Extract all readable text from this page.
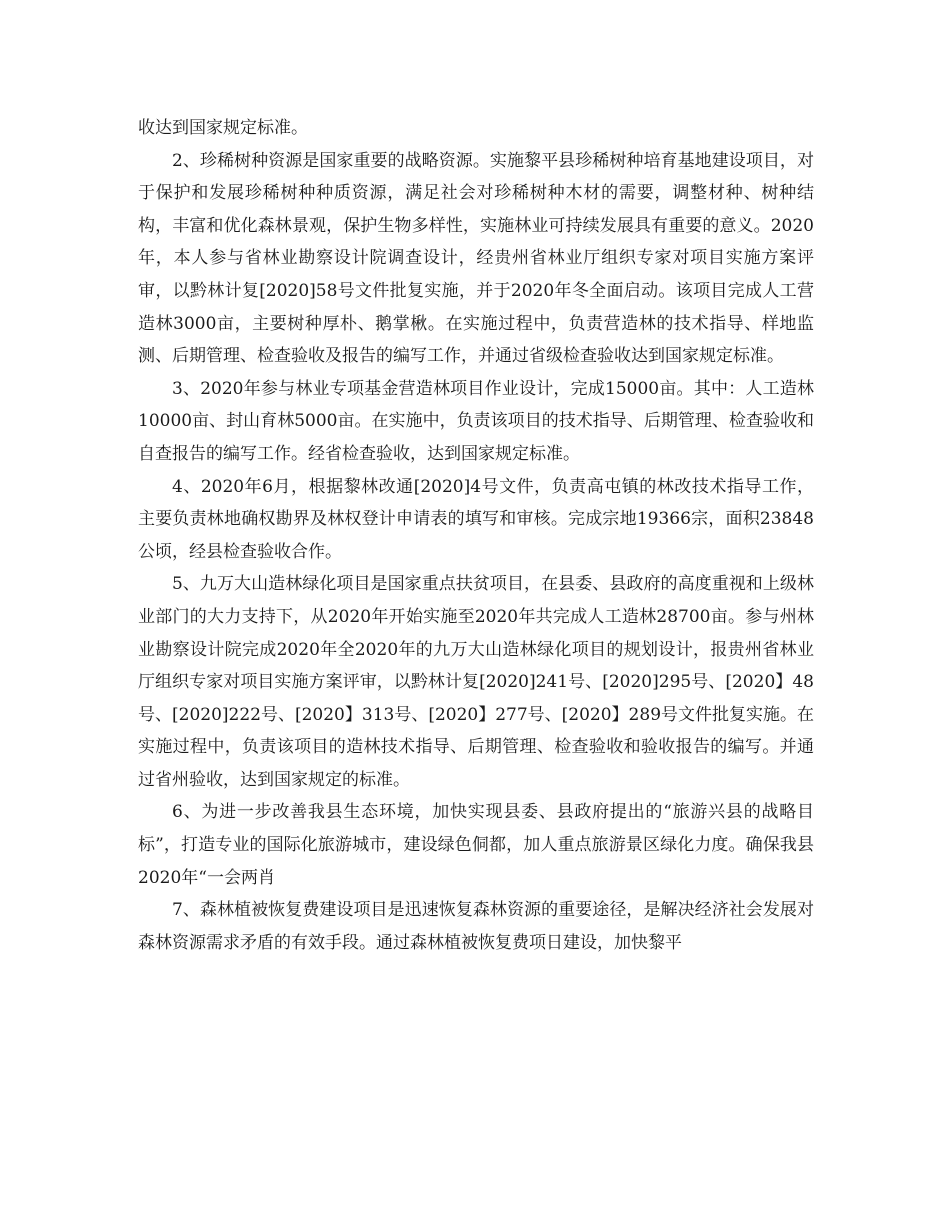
收达到国家规定标准。

2、珍稀树种资源是国家重要的战略资源。实施黎平县珍稀树种培育基地建设项目，对于保护和发展珍稀树种种质资源，满足社会对珍稀树种木材的需要，调整材种、树种结构，丰富和优化森林景观，保护生物多样性，实施林业可持续发展具有重要的意义。2020年，本人参与省林业勘察设计院调查设计，经贵州省林业厅组织专家对项目实施方案评审，以黔林计复[2020]58号文件批复实施，并于2020年冬全面启动。该项目完成人工营造林3000亩，主要树种厚朴、鹅掌楸。在实施过程中，负责营造林的技术指导、样地监测、后期管理、检查验收及报告的编写工作，并通过省级检查验收达到国家规定标准。

3、2020年参与林业专项基金营造林项目作业设计，完成15000亩。其中：人工造林10000亩、封山育林5000亩。在实施中，负责该项目的技术指导、后期管理、检查验收和自查报告的编写工作。经省检查验收，达到国家规定标准。

4、2020年6月，根据黎林改通[2020]4号文件，负责高屯镇的林改技术指导工作，主要负责林地确权勘界及林权登计申请表的填写和审核。完成宗地19366宗，面积23848公顷，经县检查验收合作。

5、九万大山造林绿化项目是国家重点扶贫项目，在县委、县政府的高度重视和上级林业部门的大力支持下，从2020年开始实施至2020年共完成人工造林28700亩。参与州林业勘察设计院完成2020年全2020年的九万大山造林绿化项目的规划设计，报贵州省林业厅组织专家对项目实施方案评审，以黔林计复[2020]241号、[2020]295号、[2020】48号、[2020]222号、[2020】313号、[2020】277号、[2020】289号文件批复实施。在实施过程中，负责该项目的造林技术指导、后期管理、检查验收和验收报告的编写。并通过省州验收，达到国家规定的标准。

6、为进一步改善我县生态环境，加快实现县委、县政府提出的“旅游兴县的战略目标”，打造专业的国际化旅游城市，建设绿色侗都，加人重点旅游景区绿化力度。确保我县2020年“一会两肖

7、森林植被恢复费建设项目是迅速恢复森林资源的重要途径，是解决经济社会发展对森林资源需求矛盾的有效手段。通过森林植被恢复费项日建设，加快黎平
